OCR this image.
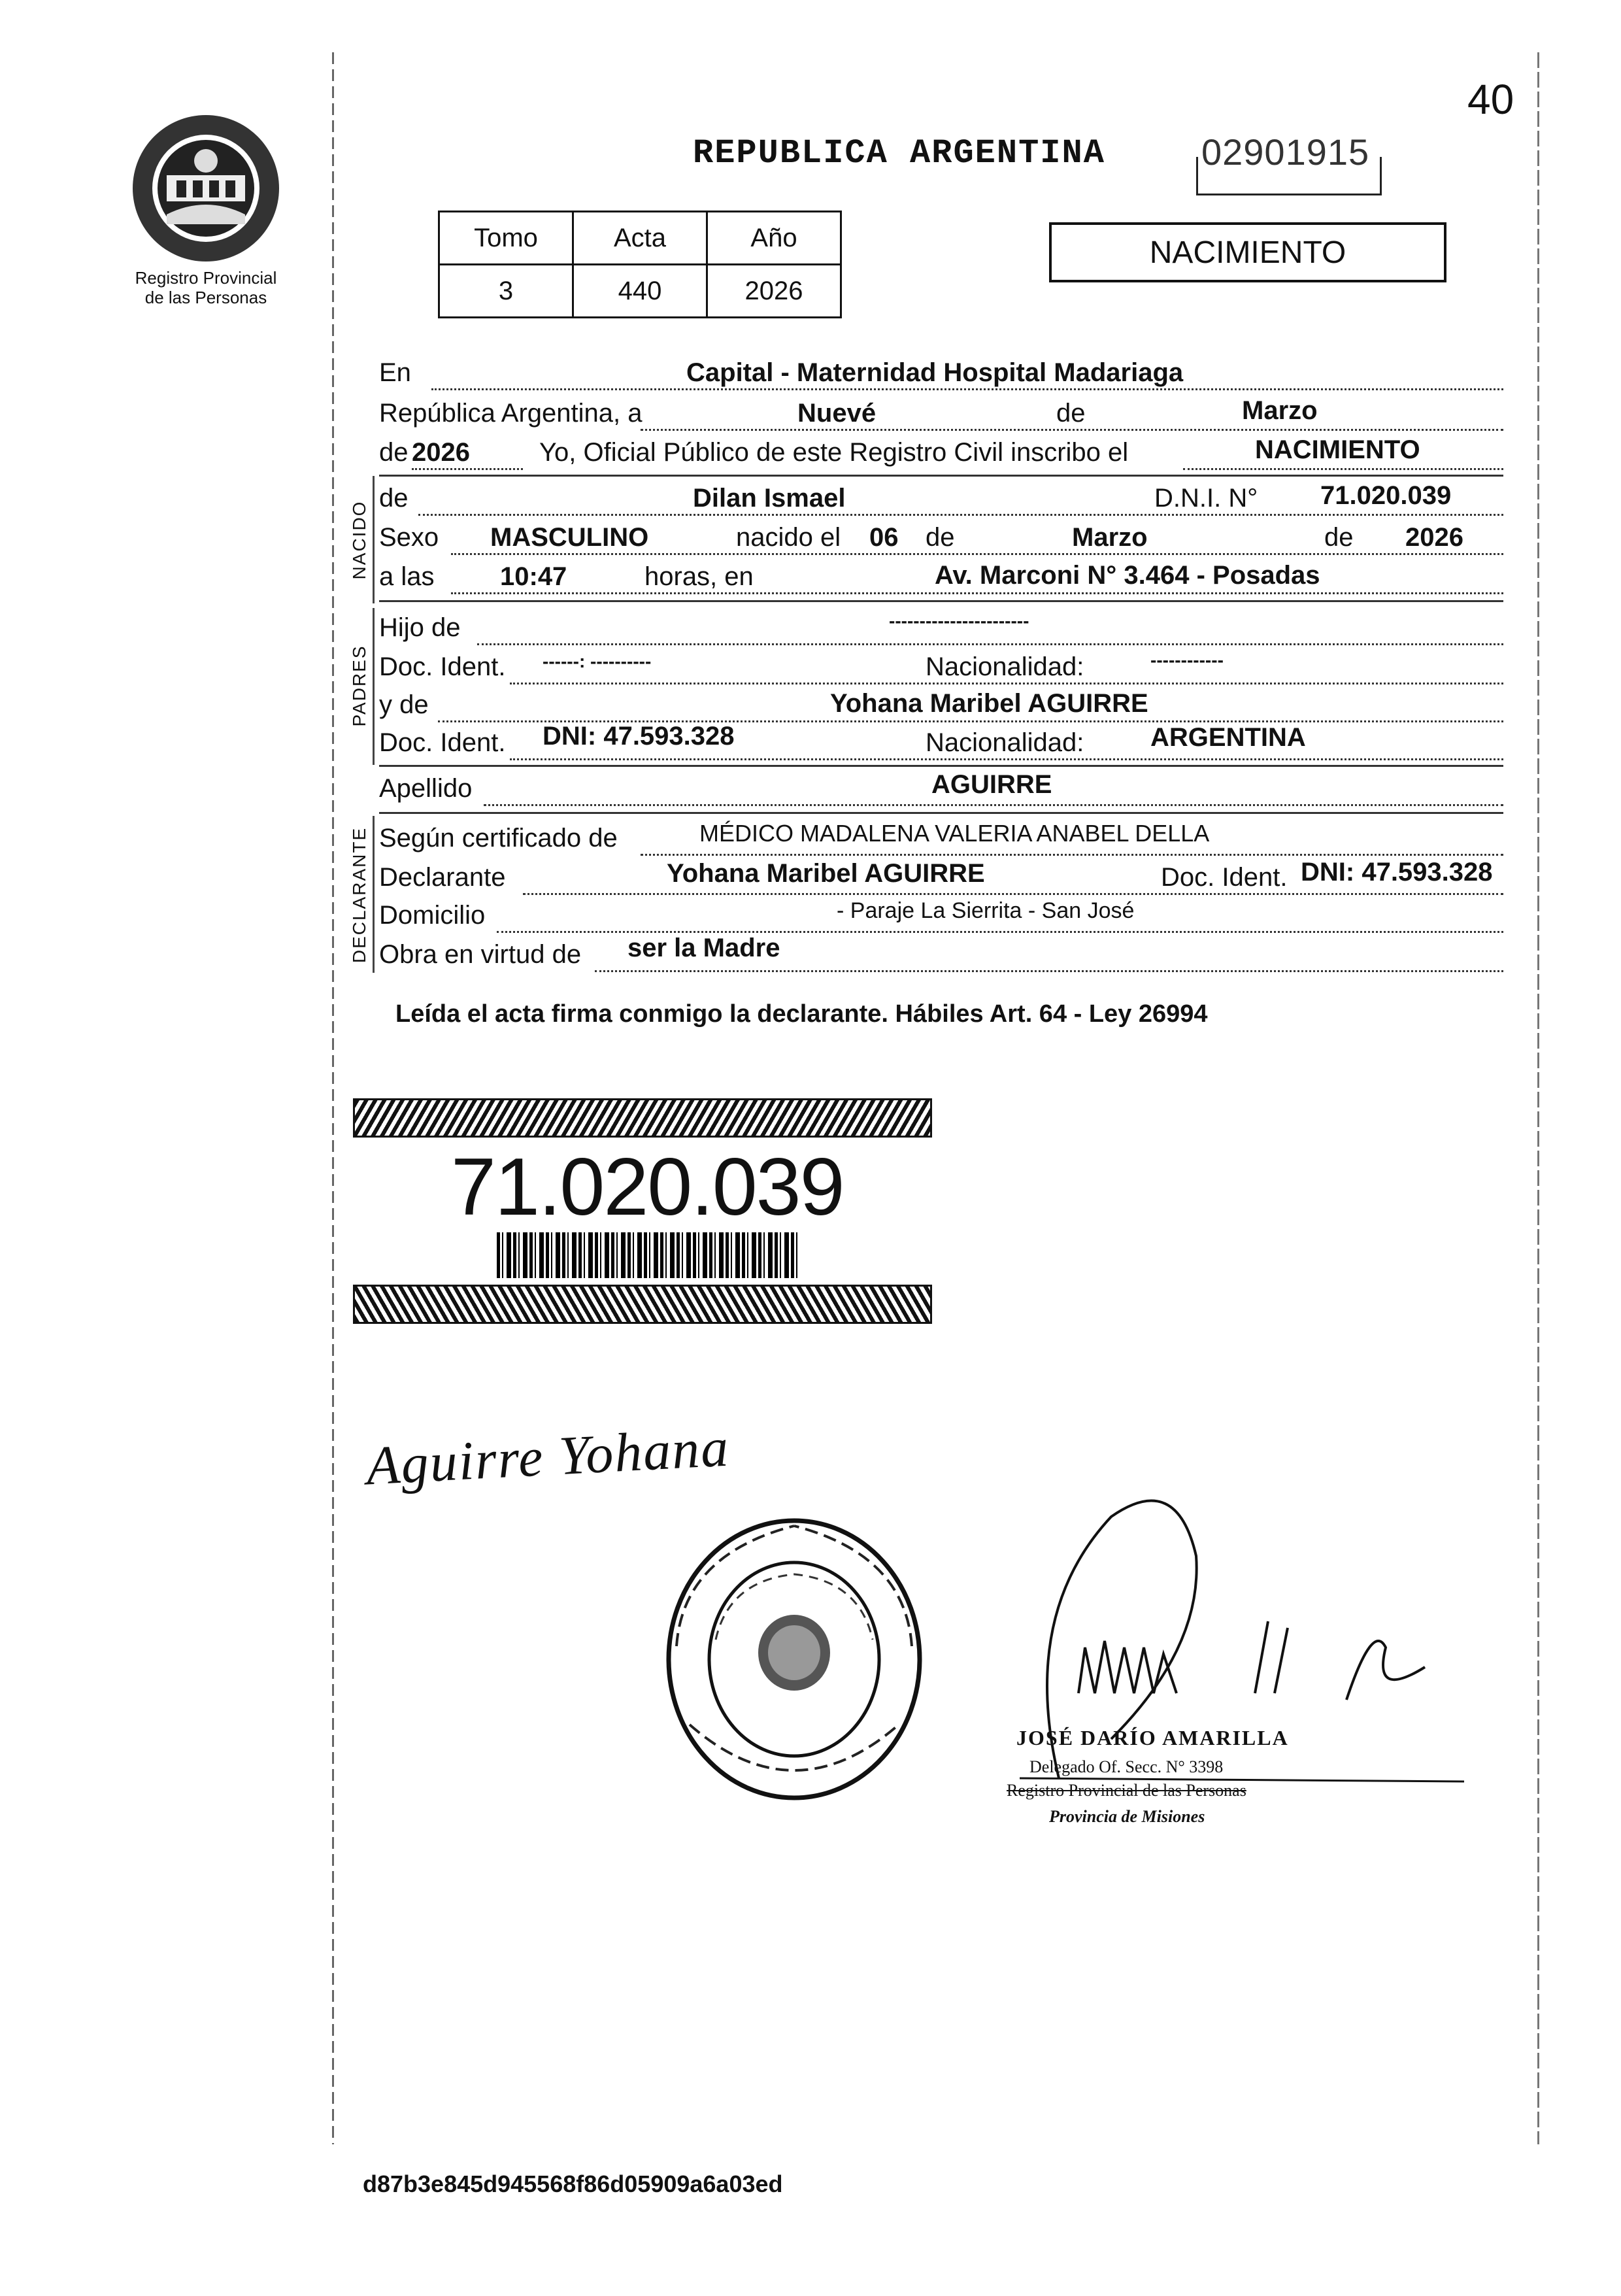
40
Registro Provincial
de las Personas
REPUBLICA ARGENTINA	02901915
Tomo	Acta	Año
3	440	2026
NACIMIENTO
En	Capital - Maternidad Hospital Madariaga
República Argentina, a	Nuevé	de	Marzo
de 2026	Yo, Oficial Público de este Registro Civil inscribo el	NACIMIENTO
de	Dilan Ismael	D.N.I. N° 71.020.039
Sexo MASCULINO	nacido el 06 de	Marzo	de 2026
a las	10:47	horas, en	Av. Marconi N° 3.464 - Posadas
Hijo de	-----------------------
Doc. Ident. ------: ----------	Nacionalidad:	------------
y de	Yohana Maribel AGUIRRE
Doc. Ident. DNI: 47.593.328	Nacionalidad:	ARGENTINA
Apellido	AGUIRRE
Según certificado de	MÉDICO MADALENA VALERIA ANABEL DELLA
Declarante	Yohana Maribel AGUIRRE	Doc. Ident. DNI: 47.593.328
Domicilio	- Paraje La Sierrita - San José
Obra en virtud de ser la Madre
NACIDO
PADRES
DECLARANTE
Leída el acta firma conmigo la declarante. Hábiles Art. 64 - Ley 26994
71.020.039
Aguirre Yohana
JOSÉ DARÍO AMARILLA
Delegado Of. Secc. N° 3398
Registro Provincial de las Personas
Provincia de Misiones
d87b3e845d945568f86d05909a6a03ed
